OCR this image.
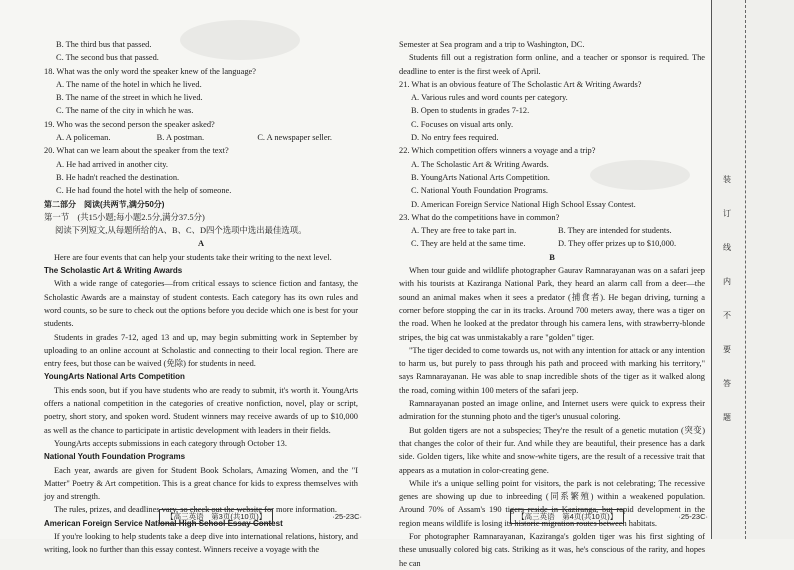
B. The third bus that passed.
C. The second bus that passed.
18. What was the only word the speaker knew of the language?
A. The name of the hotel in which he lived.
B. The name of the street in which he lived.
C. The name of the city in which he was.
19. Who was the second person the speaker asked?
A. A policeman.	B. A postman.	C. A newspaper seller.
20. What can we learn about the speaker from the text?
A. He had arrived in another city.
B. He hadn't reached the destination.
C. He had found the hotel with the help of someone.
第二部分　阅读(共两节,满分50分)
第一节　(共15小题;每小题2.5分,满分37.5分)
阅读下列短文,从每题所给的A、B、C、D四个选项中选出最佳选项。
A

Here are four events that can help your students take their writing to the next level.

The Scholastic Art & Writing Awards

With a wide range of categories—from critical essays to science fiction and fantasy, the Scholastic Awards are a mainstay of student contests. Each category has its own rules and word counts, so be sure to check out the options before you decide which one is best for your students.

Students in grades 7-12, aged 13 and up, may begin submitting work in September by uploading to an online account at Scholastic and connecting to their local region. There are entry fees, but those can be waived (免除) for students in need.

YoungArts National Arts Competition

This ends soon, but if you have students who are ready to submit, it's worth it. YoungArts offers a national competition in the categories of creative nonfiction, novel, play or script, poetry, short story, and spoken word. Student winners may receive awards of up to $10,000 as well as the chance to participate in artistic development with leaders in their fields.

YoungArts accepts submissions in each category through October 13.

National Youth Foundation Programs

Each year, awards are given for Student Book Scholars, Amazing Women, and the "I Matter" Poetry & Art competition. This is a great chance for kids to express themselves with joy and strength.

The rules, prizes, and deadlines vary, so check out the website for more information.

American Foreign Service National High School Essay Contest

If you're looking to help students take a deep dive into international relations, history, and writing, look no further than this essay contest. Winners receive a voyage with the

Semester at Sea program and a trip to Washington, DC.

Students fill out a registration form online, and a teacher or sponsor is required. The deadline to enter is the first week of April.

21. What is an obvious feature of The Scholastic Art & Writing Awards?
A. Various rules and word counts per category.
B. Open to students in grades 7-12.
C. Focuses on visual arts only.
D. No entry fees required.
22. Which competition offers winners a voyage and a trip?
A. The Scholastic Art & Writing Awards.
B. YoungArts National Arts Competition.
C. National Youth Foundation Programs.
D. American Foreign Service National High School Essay Contest.
23. What do the competitions have in common?
A. They are free to take part in.	B. They are intended for students.
C. They are held at the same time.	D. They offer prizes up to $10,000.
B

When tour guide and wildlife photographer Gaurav Ramnarayanan was on a safari jeep with his tourists at Kaziranga National Park, they heard an alarm call from a deer—the sound an animal makes when it sees a predator (捕食者). He began driving, turning a corner before stopping the car in its tracks. Around 700 meters away, there was a tiger on the road. When he looked at the predator through his camera lens, with strawberry-blonde stripes, the big cat was unmistakably a rare "golden" tiger.

"The tiger decided to come towards us, not with any intention for attack or any intention to harm us, but purely to pass through his path and proceed with marking his territory," says Ramnarayanan. He was able to snap incredible shots of the tiger as it walked along the road, coming within 100 meters of the safari jeep.

Ramnarayanan posted an image online, and Internet users were quick to express their admiration for the stunning photo and the tiger's unusual coloring.

But golden tigers are not a subspecies; They're the result of a genetic mutation (突变) that changes the color of their fur. And while they are beautiful, their presence has a dark side. Golden tigers, like white and snow-white tigers, are the result of a recessive trait that appears as a mutation in color-creating gene.

While it's a unique selling point for visitors, the park is not celebrating; The recessive genes are showing up due to inbreeding (同系繁殖) within a weakened population. Around 70% of Assam's 190 tigers reside in Kaziranga, but rapid development in the region means wildlife is losing its historic migration routes between habitats.

For photographer Ramnarayanan, Kaziranga's golden tiger was his first sighting of these unusually colored big cats. Striking as it was, he's conscious of the rarity, and hopes he can

【高三英语　第3页(共10页)】	·25-23C·	【高三英语　第4页(共10页)】	·25-23C·
装
订
线
内
不
要
答
题
